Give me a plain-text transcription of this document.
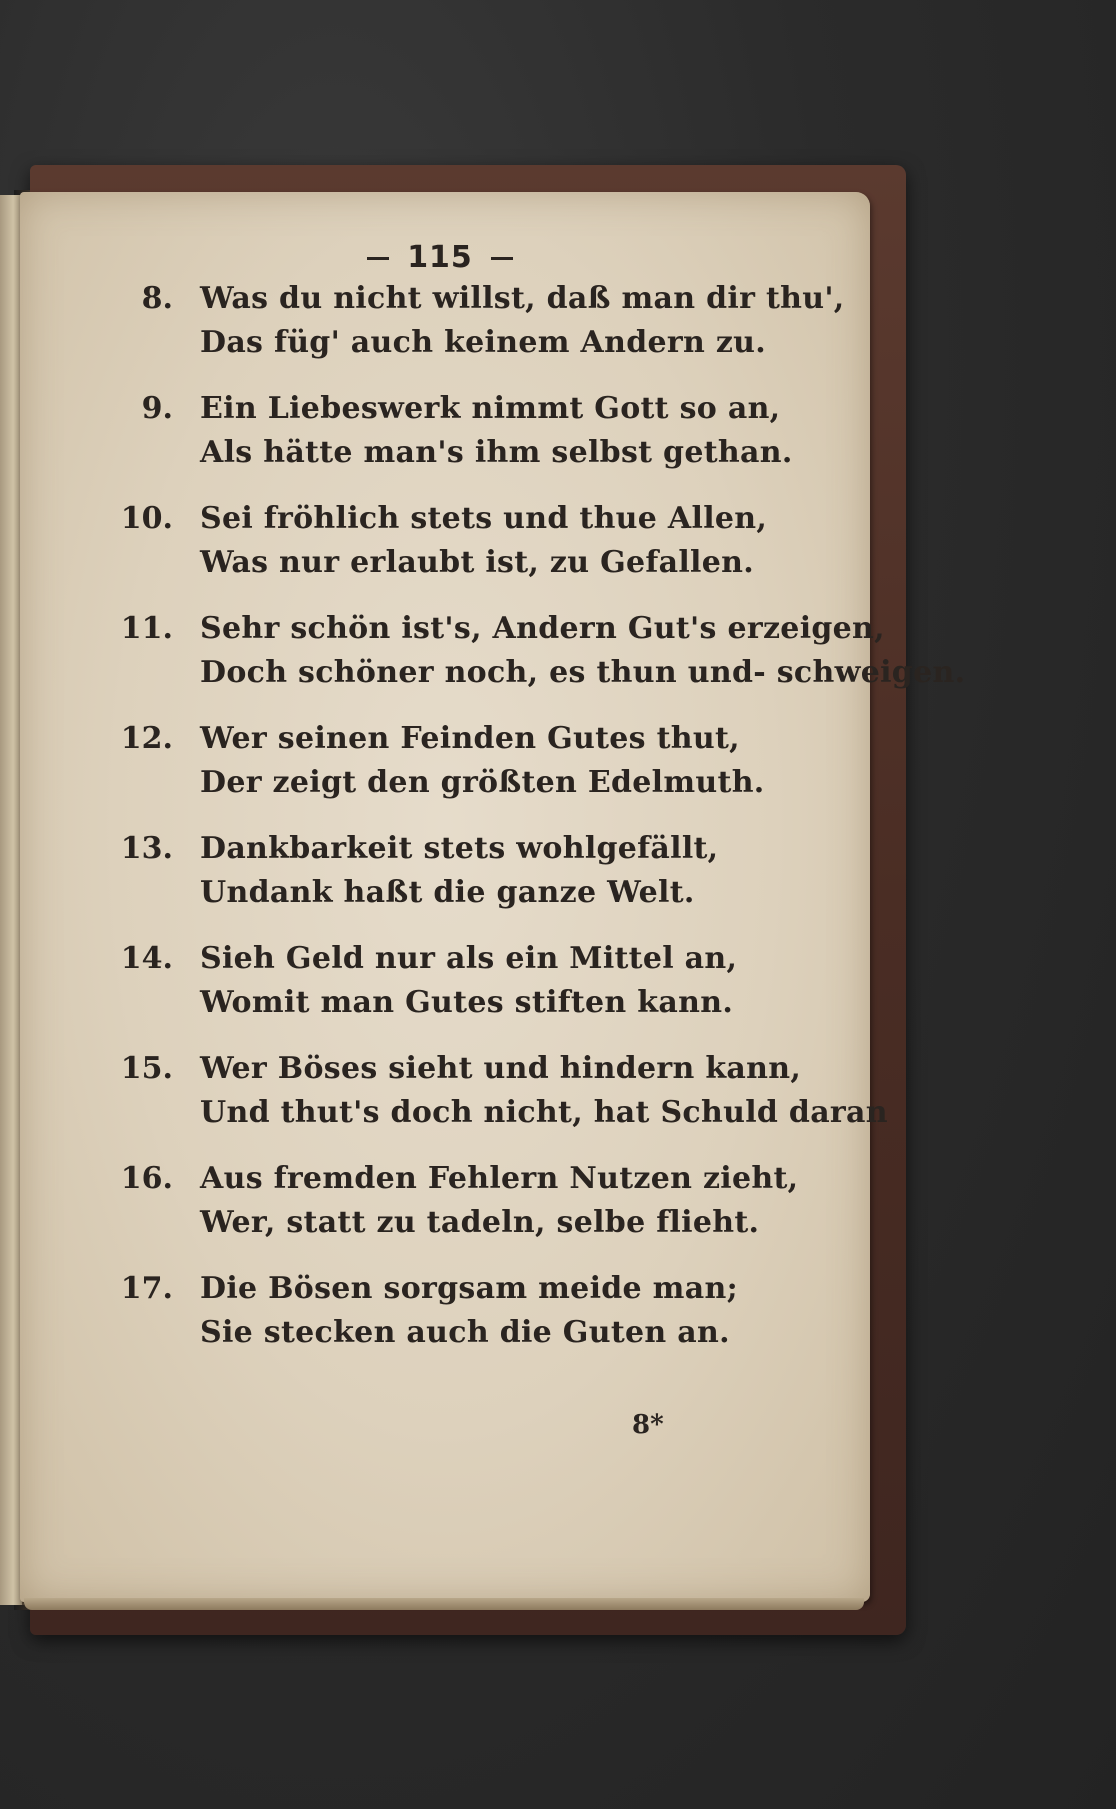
115
8. Was du nicht willst, daß man dir thu',
Das füg' auch keinem Andern zu.
9. Ein Liebeswerk nimmt Gott so an,
Als hätte man's ihm selbst gethan.
10. Sei fröhlich stets und thue Allen,
Was nur erlaubt ist, zu Gefallen.
11. Sehr schön ist's, Andern Gut's erzeigen,
Doch schöner noch, es thun und- schweigen.
12. Wer seinen Feinden Gutes thut,
Der zeigt den größten Edelmuth.
13. Dankbarkeit stets wohlgefällt,
Undank haßt die ganze Welt.
14. Sieh Geld nur als ein Mittel an,
Womit man Gutes stiften kann.
15. Wer Böses sieht und hindern kann,
Und thut's doch nicht, hat Schuld daran
16. Aus fremden Fehlern Nutzen zieht,
Wer, statt zu tadeln, selbe flieht.
17. Die Bösen sorgsam meide man;
Sie stecken auch die Guten an.
8*
